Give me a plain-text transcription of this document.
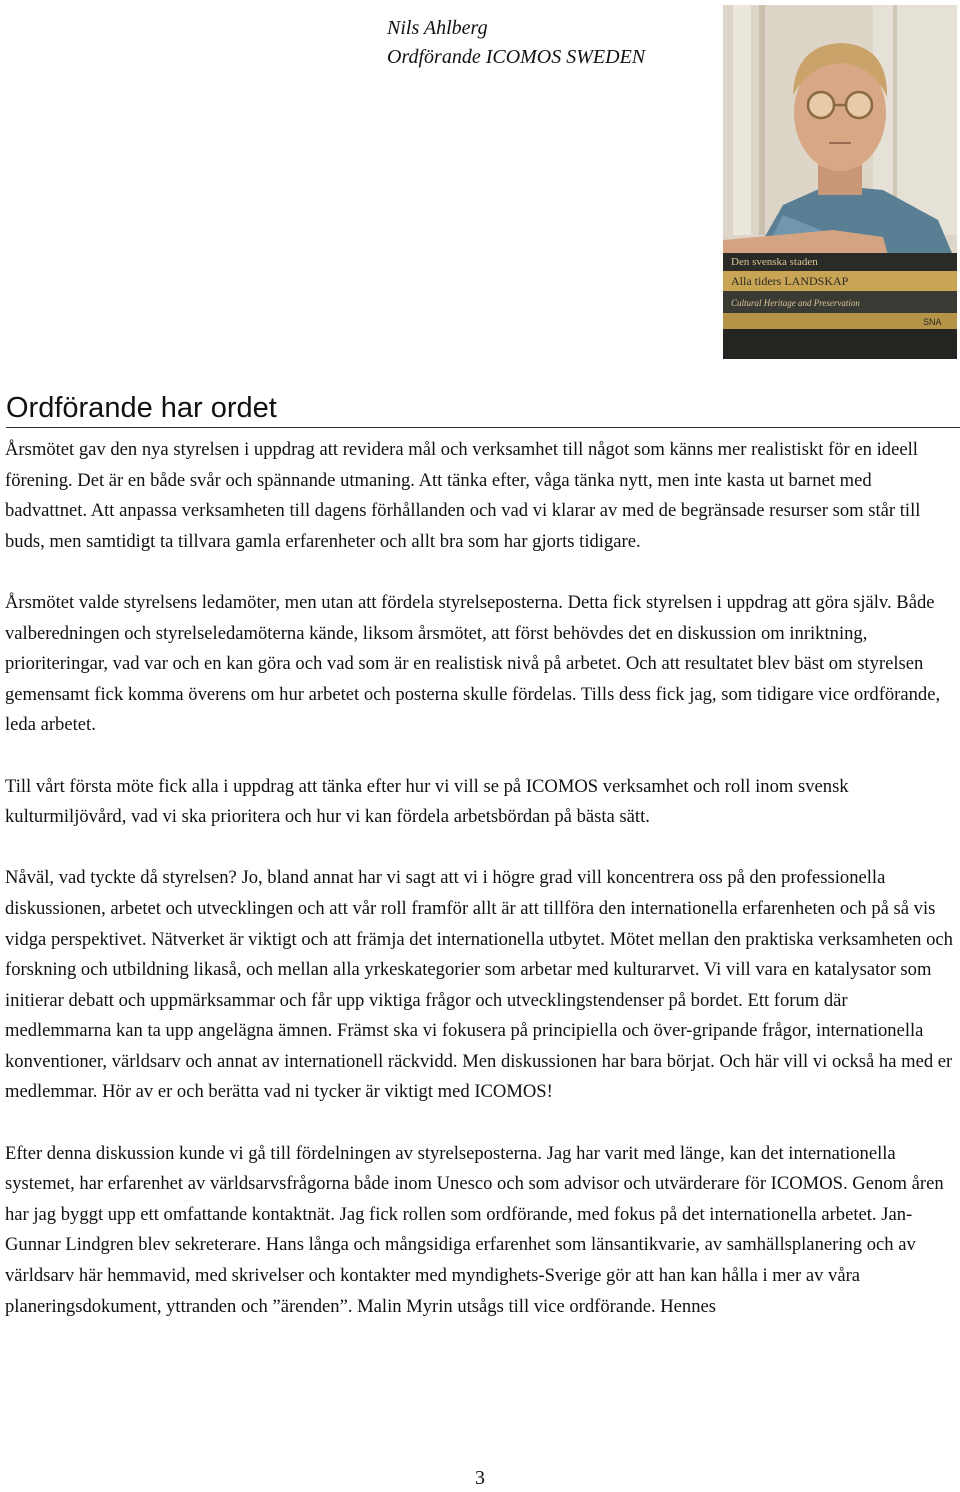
Nils Ahlberg
Ordförande ICOMOS SWEDEN
Den svenska staden
Alla tiders LANDSKAP
Cultural Heritage and Preservation
SNA
Ordförande har ordet

Årsmötet gav den nya styrelsen i uppdrag att revidera mål och verksamhet till något som känns mer realistiskt för en ideell förening. Det är en både svår och spännande utmaning. Att tänka efter, våga tänka nytt, men inte kasta ut barnet med badvattnet. Att anpassa verksamheten till dagens förhållanden och vad vi klarar av med de begränsade resurser som står till buds, men samtidigt ta tillvara gamla erfarenheter och allt bra som har gjorts tidigare.

Årsmötet valde styrelsens ledamöter, men utan att fördela styrelseposterna. Detta fick styrelsen i uppdrag att göra själv. Både valberedningen och styrelseledamöterna kände, liksom årsmötet, att först behövdes det en diskussion om inriktning, prioriteringar, vad var och en kan göra och vad som är en realistisk nivå på arbetet. Och att resultatet blev bäst om styrelsen gemensamt fick komma överens om hur arbetet och posterna skulle fördelas. Tills dess fick jag, som tidigare vice ordförande, leda arbetet.

Till vårt första möte fick alla i uppdrag att tänka efter hur vi vill se på ICOMOS verksamhet och roll inom svensk kulturmiljövård, vad vi ska prioritera och hur vi kan fördela arbetsbördan på bästa sätt.

Nåväl, vad tyckte då styrelsen? Jo, bland annat har vi sagt att vi i högre grad vill koncentrera oss på den professionella diskussionen, arbetet och utvecklingen och att vår roll framför allt är att tillföra den internationella erfarenheten och på så vis vidga perspektivet. Nätverket är viktigt och att främja det internationella utbytet. Mötet mellan den praktiska verksamheten och forskning och utbildning likaså, och mellan alla yrkeskategorier som arbetar med kulturarvet. Vi vill vara en katalysator som initierar debatt och uppmärksammar och får upp viktiga frågor och utvecklingstendenser på bordet. Ett forum där medlemmarna kan ta upp angelägna ämnen. Främst ska vi fokusera på principiella och över-gripande frågor, internationella konventioner, världsarv och annat av internationell räckvidd. Men diskussionen har bara börjat. Och här vill vi också ha med er medlemmar. Hör av er och berätta vad ni tycker är viktigt med ICOMOS!

Efter denna diskussion kunde vi gå till fördelningen av styrelseposterna. Jag har varit med länge, kan det internationella systemet, har erfarenhet av världsarvsfrågorna både inom Unesco och som advisor och utvärderare för ICOMOS. Genom åren har jag byggt upp ett omfattande kontaktnät. Jag fick rollen som ordförande, med fokus på det internationella arbetet. Jan-Gunnar Lindgren blev sekreterare. Hans långa och mångsidiga erfarenhet som länsantikvarie, av samhällsplanering och av världsarv här hemmavid, med skrivelser och kontakter med myndighets-Sverige gör att han kan hålla i mer av våra planeringsdokument, yttranden och ”ärenden”. Malin Myrin utsågs till vice ordförande. Hennes

3
